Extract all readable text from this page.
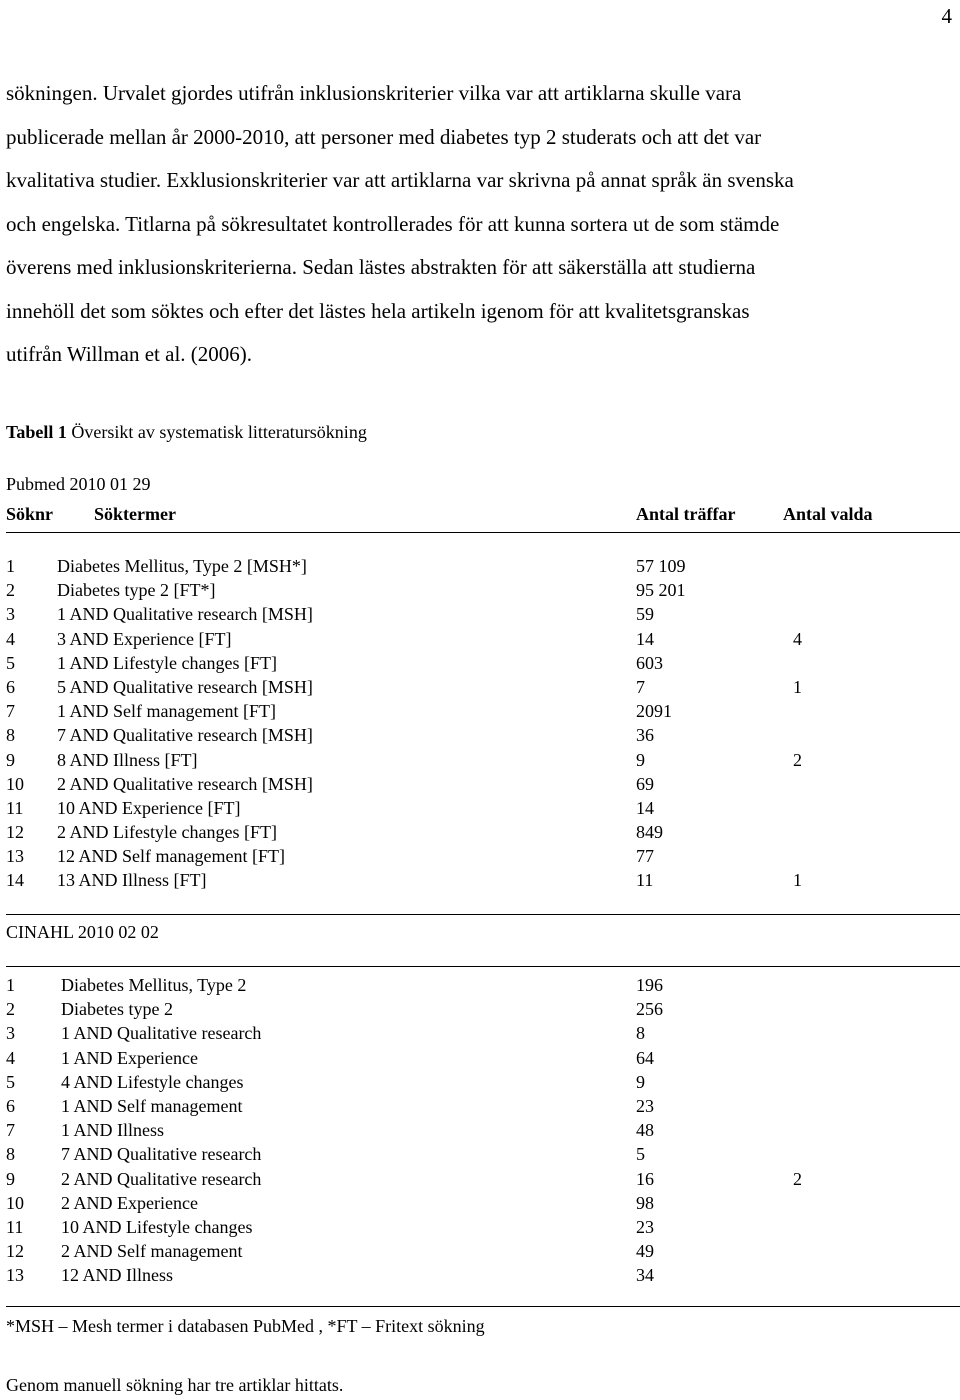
4
sökningen. Urvalet gjordes utifrån inklusionskriterier vilka var att artiklarna skulle vara
publicerade mellan år 2000-2010, att personer med diabetes typ 2 studerats och att det var
kvalitativa studier. Exklusionskriterier var att artiklarna var skrivna på annat språk än svenska
och engelska. Titlarna på sökresultatet kontrollerades för att kunna sortera ut de som stämde
överens med inklusionskriterierna. Sedan lästes abstrakten för att säkerställa att studierna
innehöll det som söktes och efter det lästes hela artikeln igenom för att kvalitetsgranskas
utifrån Willman et al. (2006).
Tabell 1 Översikt av systematisk litteratursökning
Pubmed 2010 01 29
Söknr Söktermer	Antal träffar	Antal valda
1 Diabetes Mellitus, Type 2 [MSH*]	57 109
2 Diabetes type 2 [FT*]	95 201
3 1 AND Qualitative research [MSH]	59
4 3 AND Experience [FT]	14	4
5 1 AND Lifestyle changes [FT]	603
6 5 AND Qualitative research [MSH]	7	1
7 1 AND Self management [FT]	2091
8 7 AND Qualitative research [MSH]	36
9 8 AND Illness [FT]	9	2
10 2 AND Qualitative research [MSH]	69
11 10 AND Experience [FT]	14
12 2 AND Lifestyle changes [FT]	849
13 12 AND Self management [FT]	77
14 13 AND Illness [FT]	11	1
CINAHL 2010 02 02
1	Diabetes Mellitus, Type 2	196
2	Diabetes type 2	256
3	1 AND Qualitative research	8
4	1 AND Experience	64
5	4 AND Lifestyle changes	9
6	1 AND Self management	23
7	1 AND Illness	48
8	7 AND Qualitative research	5
9	2 AND Qualitative research	16	2
10 2 AND Experience	98
11 10 AND Lifestyle changes	23
12 2 AND Self management	49
13 12 AND Illness	34
*MSH – Mesh termer i databasen PubMed , *FT – Fritext sökning
Genom manuell sökning har tre artiklar hittats.
